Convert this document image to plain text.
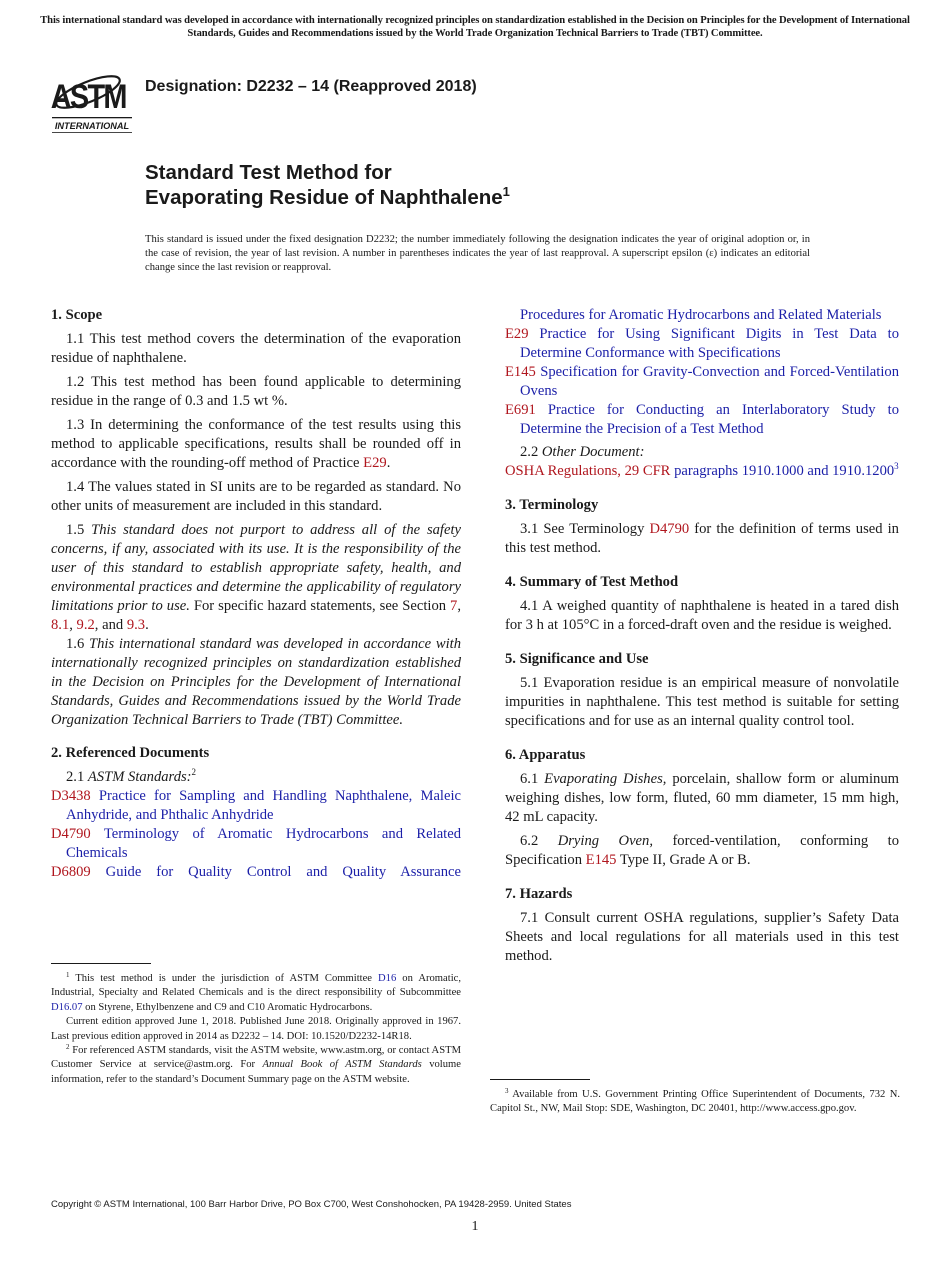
This international standard was developed in accordance with internationally recognized principles on standardization established in the Decision on Principles for the Development of International Standards, Guides and Recommendations issued by the World Trade Organization Technical Barriers to Trade (TBT) Committee.
ASTM
INTERNATIONAL
Designation: D2232 – 14 (Reapproved 2018)
Standard Test Method for
Evaporating Residue of Naphthalene$^1$
This standard is issued under the fixed designation D2232; the number immediately following the designation indicates the year of original adoption or, in the case of revision, the year of last revision. A number in parentheses indicates the year of last reapproval. A superscript epsilon (ε) indicates an editorial change since the last revision or reapproval.
1. Scope

1.1 This test method covers the determination of the evaporation residue of naphthalene.

1.2 This test method has been found applicable to determining residue in the range of 0.3 and 1.5 wt %.

1.3 In determining the conformance of the test results using this method to applicable specifications, results shall be rounded off in accordance with the rounding-off method of Practice E29.

1.4 The values stated in SI units are to be regarded as standard. No other units of measurement are included in this standard.

1.5 This standard does not purport to address all of the safety concerns, if any, associated with its use. It is the responsibility of the user of this standard to establish appropriate safety, health, and environmental practices and determine the applicability of regulatory limitations prior to use. For specific hazard statements, see Section 7, 8.1, 9.2, and 9.3.

1.6 This international standard was developed in accordance with internationally recognized principles on standardization established in the Decision on Principles for the Development of International Standards, Guides and Recommendations issued by the World Trade Organization Technical Barriers to Trade (TBT) Committee.

2. Referenced Documents

2.1 ASTM Standards:$^2$

D3438 Practice for Sampling and Handling Naphthalene, Maleic Anhydride, and Phthalic Anhydride

D4790 Terminology of Aromatic Hydrocarbons and Related Chemicals

D6809 Guide for Quality Control and Quality Assurance

$^1$ This test method is under the jurisdiction of ASTM Committee D16 on Aromatic, Industrial, Specialty and Related Chemicals and is the direct responsibility of Subcommittee D16.07 on Styrene, Ethylbenzene and C9 and C10 Aromatic Hydrocarbons.

Current edition approved June 1, 2018. Published June 2018. Originally approved in 1967. Last previous edition approved in 2014 as D2232 – 14. DOI: 10.1520/D2232-14R18.

$^2$ For referenced ASTM standards, visit the ASTM website, www.astm.org, or contact ASTM Customer Service at service@astm.org. For Annual Book of ASTM Standards volume information, refer to the standard’s Document Summary page on the ASTM website.

Procedures for Aromatic Hydrocarbons and Related Materials

E29 Practice for Using Significant Digits in Test Data to Determine Conformance with Specifications

E145 Specification for Gravity-Convection and Forced-Ventilation Ovens

E691 Practice for Conducting an Interlaboratory Study to Determine the Precision of a Test Method

2.2 Other Document:

OSHA Regulations, 29 CFR paragraphs 1910.1000 and 1910.1200$^3$

3. Terminology

3.1 See Terminology D4790 for the definition of terms used in this test method.

4. Summary of Test Method

4.1 A weighed quantity of naphthalene is heated in a tared dish for 3 h at 105°C in a forced-draft oven and the residue is weighed.

5. Significance and Use

5.1 Evaporation residue is an empirical measure of nonvolatile impurities in naphthalene. This test method is suitable for setting specifications and for use as an internal quality control tool.

6. Apparatus

6.1 Evaporating Dishes, porcelain, shallow form or aluminum weighing dishes, low form, fluted, 60 mm diameter, 15 mm high, 42 mL capacity.

6.2 Drying Oven, forced-ventilation, conforming to Specification E145 Type II, Grade A or B.

7. Hazards

7.1 Consult current OSHA regulations, supplier’s Safety Data Sheets and local regulations for all materials used in this test method.

$^3$ Available from U.S. Government Printing Office Superintendent of Documents, 732 N. Capitol St., NW, Mail Stop: SDE, Washington, DC 20401, http://www.access.gpo.gov.

Copyright © ASTM International, 100 Barr Harbor Drive, PO Box C700, West Conshohocken, PA 19428-2959. United States
1
